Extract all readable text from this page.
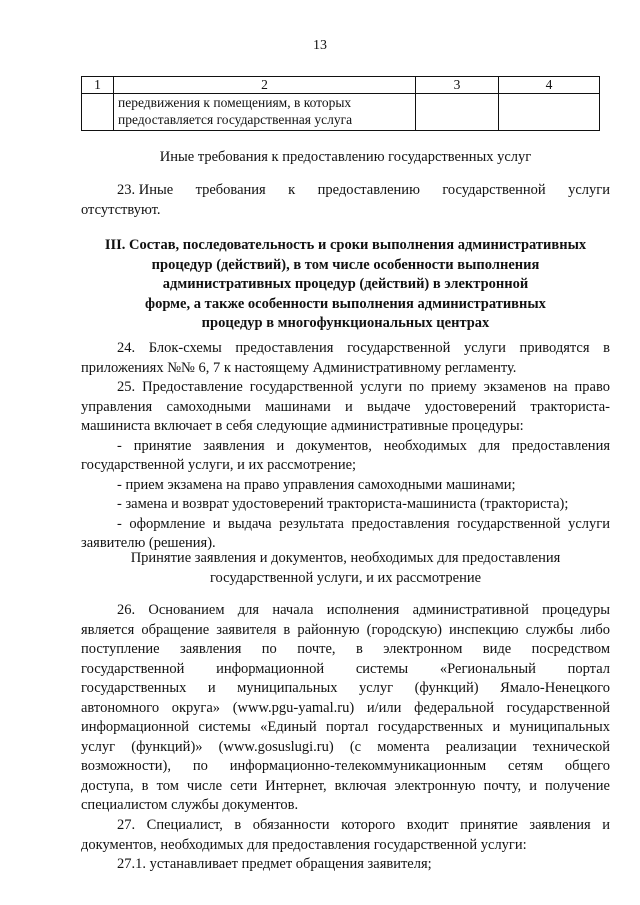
13
1	2	3	4

	передвижения к помещениям, в которых
предоставляется государственная услуга		

Иные требования к предоставлению государственных услуг

23. Иные требования к предоставлению государственной услуги
отсутствуют.
III. Состав, последовательность и сроки выполнения административных
процедур (действий), в том числе особенности выполнения
административных процедур (действий) в электронной
форме, а также особенности выполнения административных
процедур в многофункциональных центрах
24. Блок-схемы предоставления государственной услуги приводятся в
приложениях №№ 6, 7 к настоящему Административному регламенту.
25. Предоставление государственной услуги по приему экзаменов на право
управления самоходными машинами и выдаче удостоверений тракториста-
машиниста включает в себя следующие административные процедуры:
- принятие заявления и документов, необходимых для предоставления
государственной услуги, и их рассмотрение;
- прием экзамена на право управления самоходными машинами;
- замена и возврат удостоверений тракториста-машиниста (тракториста);
- оформление и выдача результата предоставления государственной услуги
заявителю (решения).
Принятие заявления и документов, необходимых для предоставления
государственной услуги, и их рассмотрение
26. Основанием для начала исполнения административной процедуры
является обращение заявителя в районную (городскую) инспекцию службы либо
поступление заявления по почте, в электронном виде посредством
государственной информационной системы «Региональный портал
государственных и муниципальных услуг (функций) Ямало-Ненецкого
автономного округа» (www.pgu-yamal.ru) и/или федеральной государственной
информационной системы «Единый портал государственных и муниципальных
услуг (функций)» (www.gosuslugi.ru) (с момента реализации технической
возможности), по информационно-телекоммуникационным сетям общего
доступа, в том числе сети Интернет, включая электронную почту, и получение
специалистом службы документов.
27. Специалист, в обязанности которого входит принятие заявления и
документов, необходимых для предоставления государственной услуги:
27.1. устанавливает предмет обращения заявителя;
